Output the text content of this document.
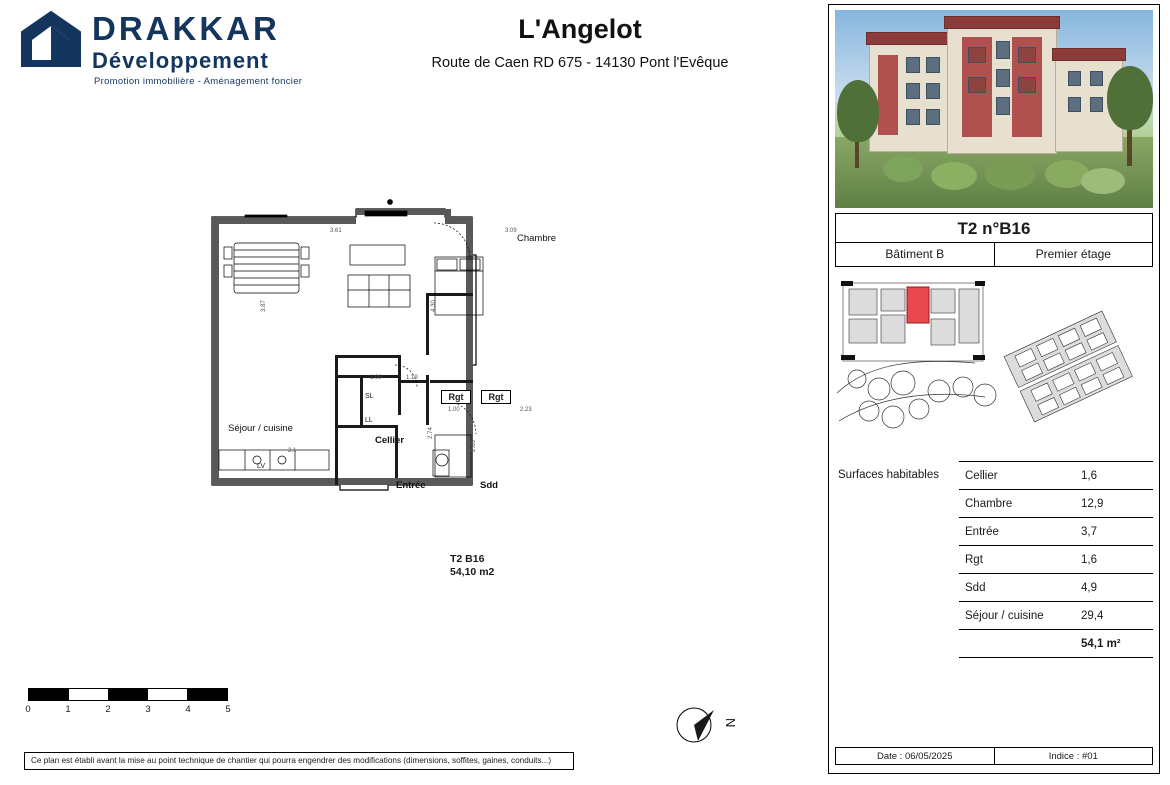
DRAKKAR
Développement
Promotion immobilière - Aménagement foncier
L'Angelot
Route de Caen RD 675 - 14130 Pont l'Evêque
Chambre
Séjour / cuisine
Cellier
Entrée	Sdd
Rgt	Rgt
SL
LL
LV
3.61	3.09
3.87	4.30
1.09	1.19
2.23
2.1
2.74
2.63
1.00
T2 B16
54,10 m2
0	1	2	3	4	5
N
Ce plan est établi avant la mise au point technique de chantier qui pourra engendrer des modifications (dimensions, soffites, gaines, conduits...)
T2 n°B16
Bâtiment B	Premier étage
Surfaces habitables Cellier	1,6
Chambre	12,9
Entrée	3,7
Rgt	1,6
Sdd	4,9
Séjour / cuisine	29,4
	54,1 m²
Date : 06/05/2025	Indice : #01
